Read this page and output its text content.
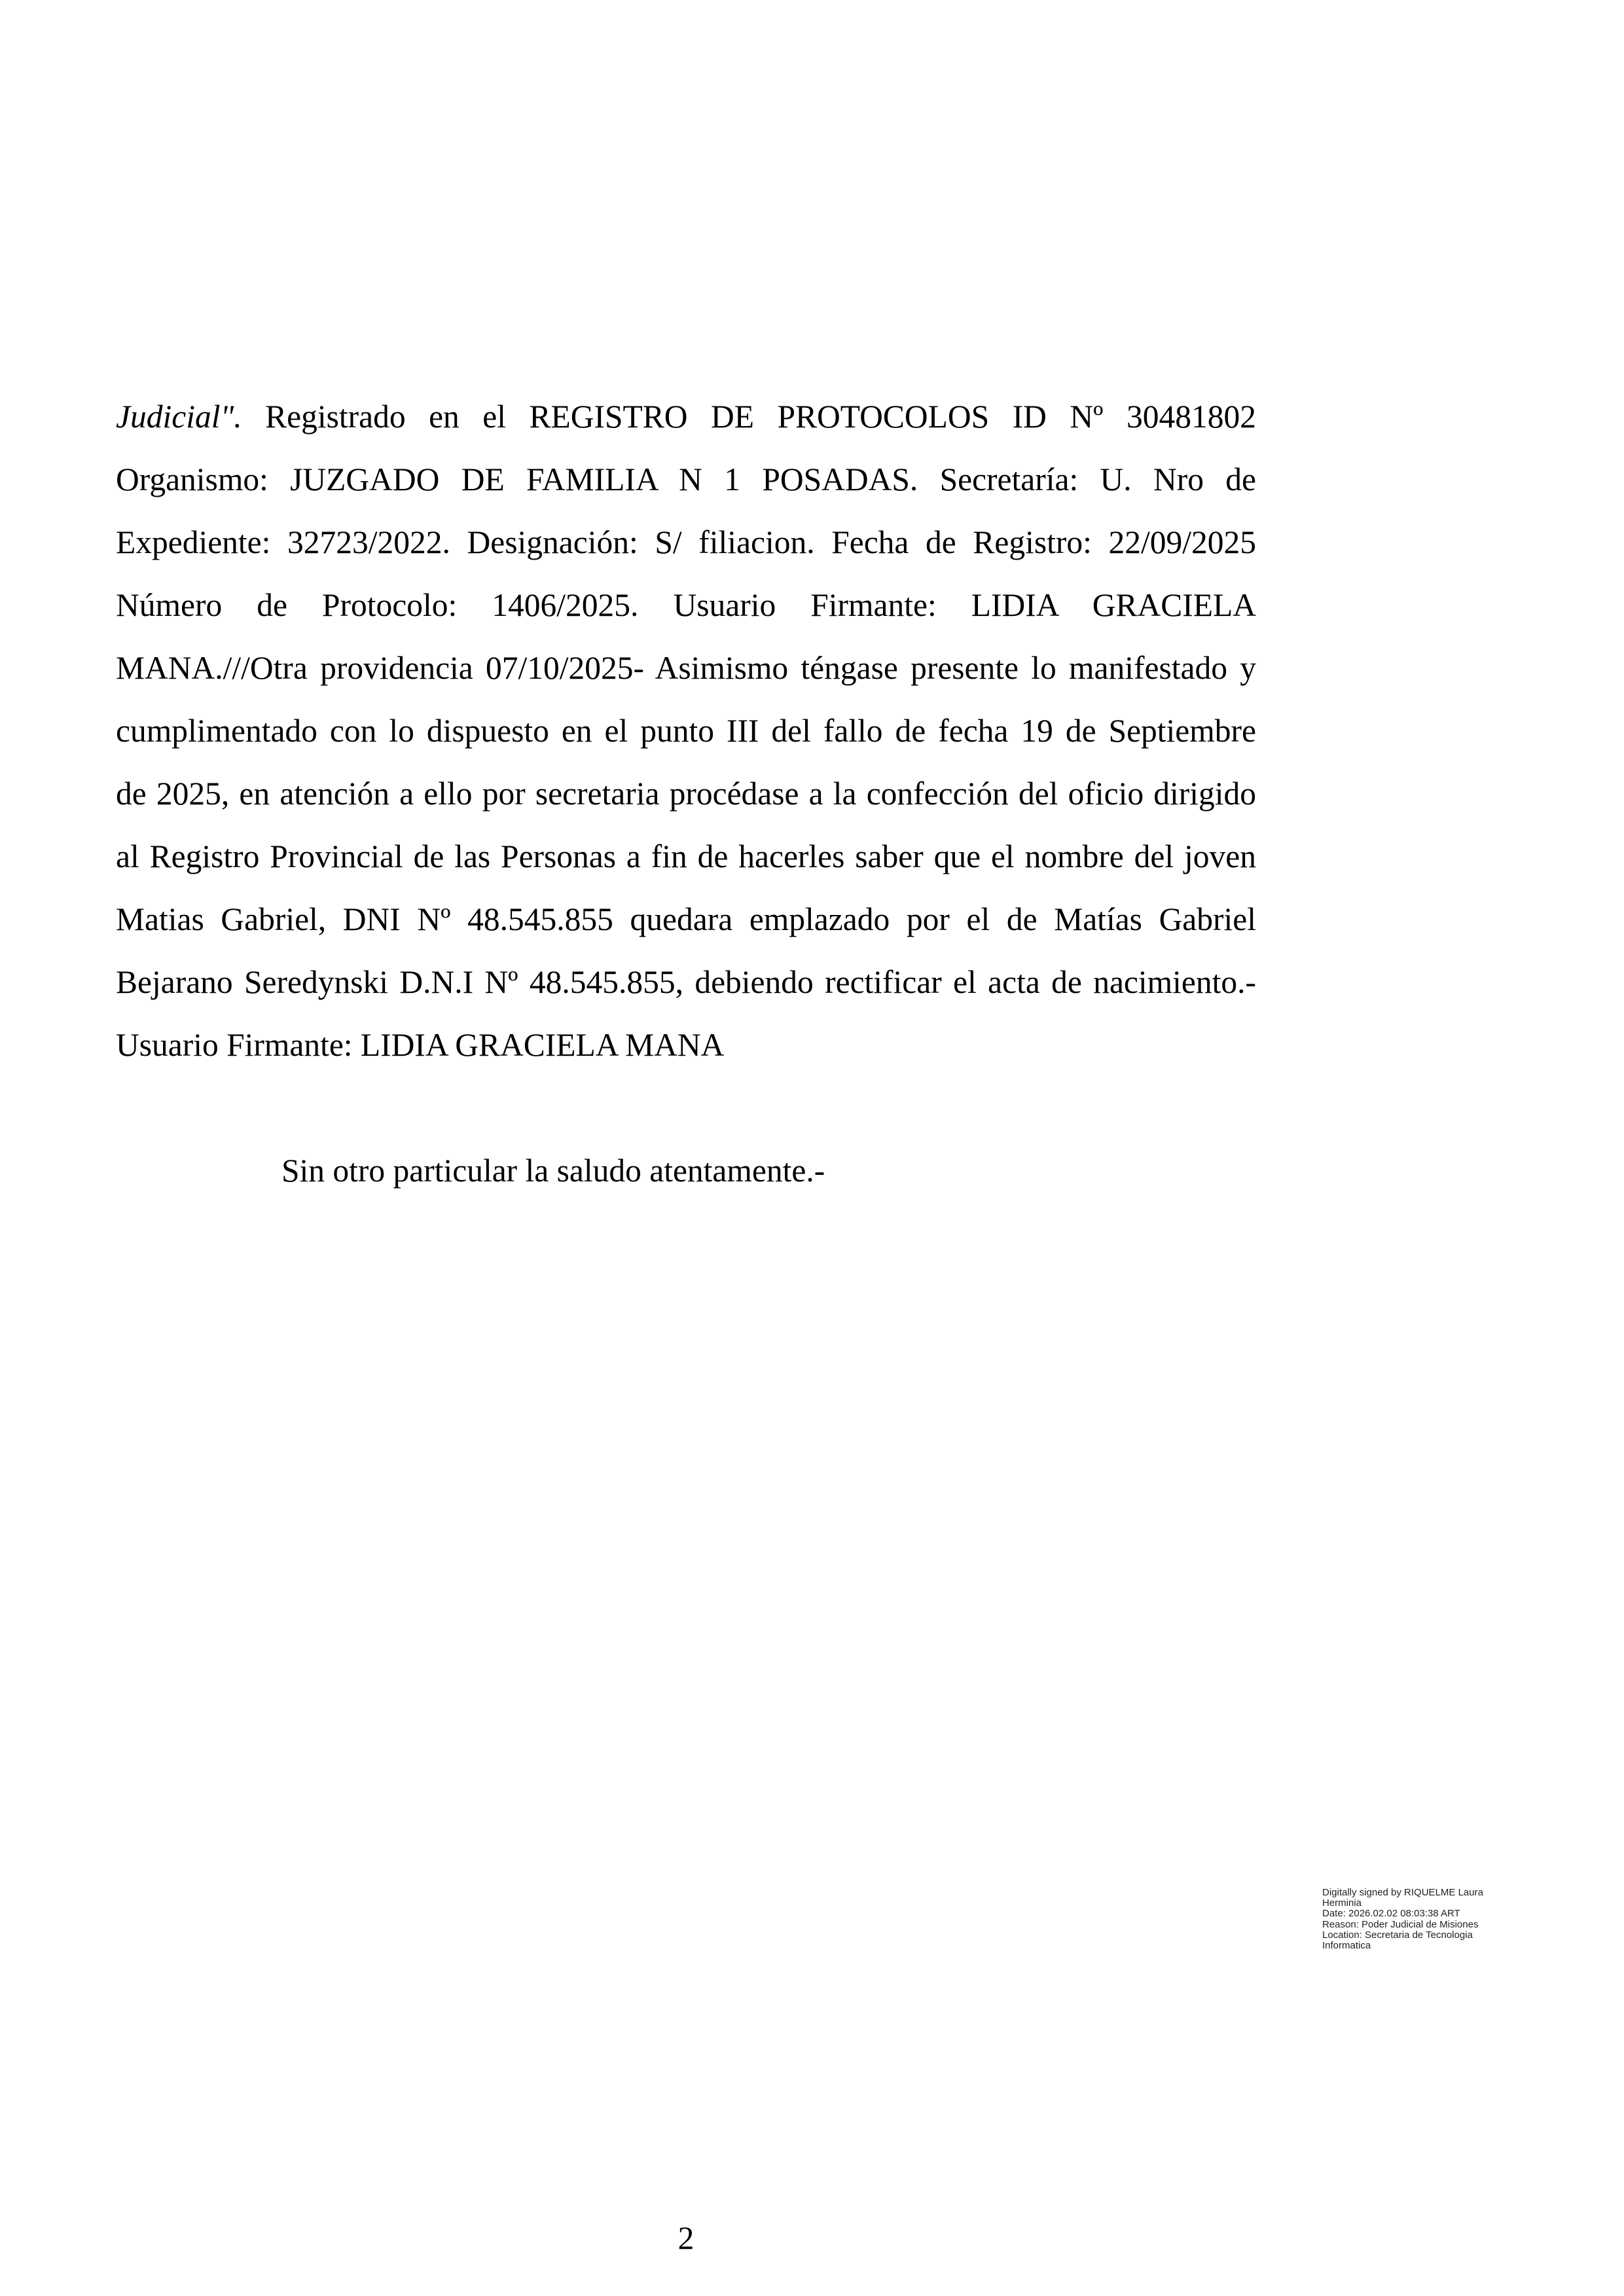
Judicial". Registrado en el REGISTRO DE PROTOCOLOS ID Nº 30481802

Organismo: JUZGADO DE FAMILIA N 1 POSADAS. Secretaría: U. Nro de

Expediente: 32723/2022. Designación: S/ filiacion. Fecha de Registro: 22/09/2025

Número de Protocolo: 1406/2025. Usuario Firmante: LIDIA GRACIELA

MANA.///Otra providencia 07/10/2025- Asimismo téngase presente lo manifestado y

cumplimentado con lo dispuesto en el punto III del fallo de fecha 19 de Septiembre

de 2025, en atención a ello por secretaria procédase a la confección del oficio dirigido

al Registro Provincial de las Personas a fin de hacerles saber que el nombre del joven

Matias Gabriel, DNI Nº 48.545.855 quedara emplazado por el de Matías Gabriel

Bejarano Seredynski D.N.I Nº 48.545.855, debiendo rectificar el acta de nacimiento.-

Usuario Firmante: LIDIA GRACIELA MANA

Sin otro particular la saludo atentamente.-

Digitally signed by RIQUELME Laura Herminia
Date: 2026.02.02 08:03:38 ART
Reason: Poder Judicial de Misiones
Location: Secretaria de Tecnologia Informatica
2
